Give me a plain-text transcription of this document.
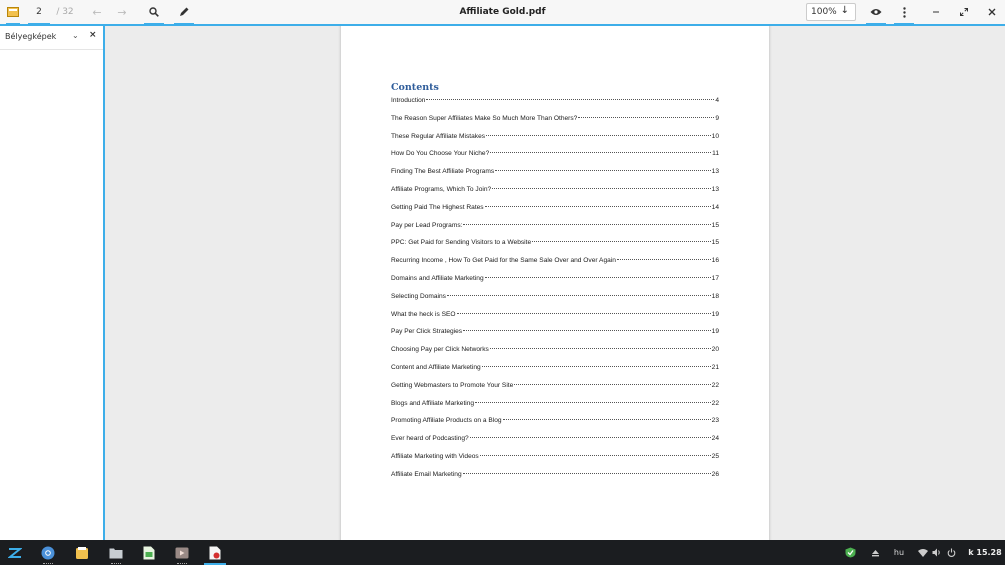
2	/ 32	←	→	Affiliate Gold.pdf	100% ↓
Bélyegképek ⌄ ×
Contents
Introduction	4
The Reason Super Affiliates Make So Much More Than Others?	9
These Regular Affiliate Mistakes	10
How Do You Choose Your Niche?	11
Finding The Best Affiliate Programs	13
Affiliate Programs, Which To Join?	13
Getting Paid The Highest Rates	14
Pay per Lead Programs:	15
PPC: Get Paid for Sending Visitors to a Website	15
Recurring Income , How To Get Paid for the Same Sale Over and Over Again	16
Domains and Affiliate Marketing	17
Selecting Domains	18
What the heck is SEO	19
Pay Per Click Strategies	19
Choosing Pay per Click Networks	20
Content and Affiliate Marketing	21
Getting Webmasters to Promote Your Site	22
Blogs and Affiliate Marketing	22
Promoting Affiliate Products on a Blog	23
Ever heard of Podcasting?	24
Affiliate Marketing with Videos	25
Affiliate Email Marketing	26
hu	k 15.28
